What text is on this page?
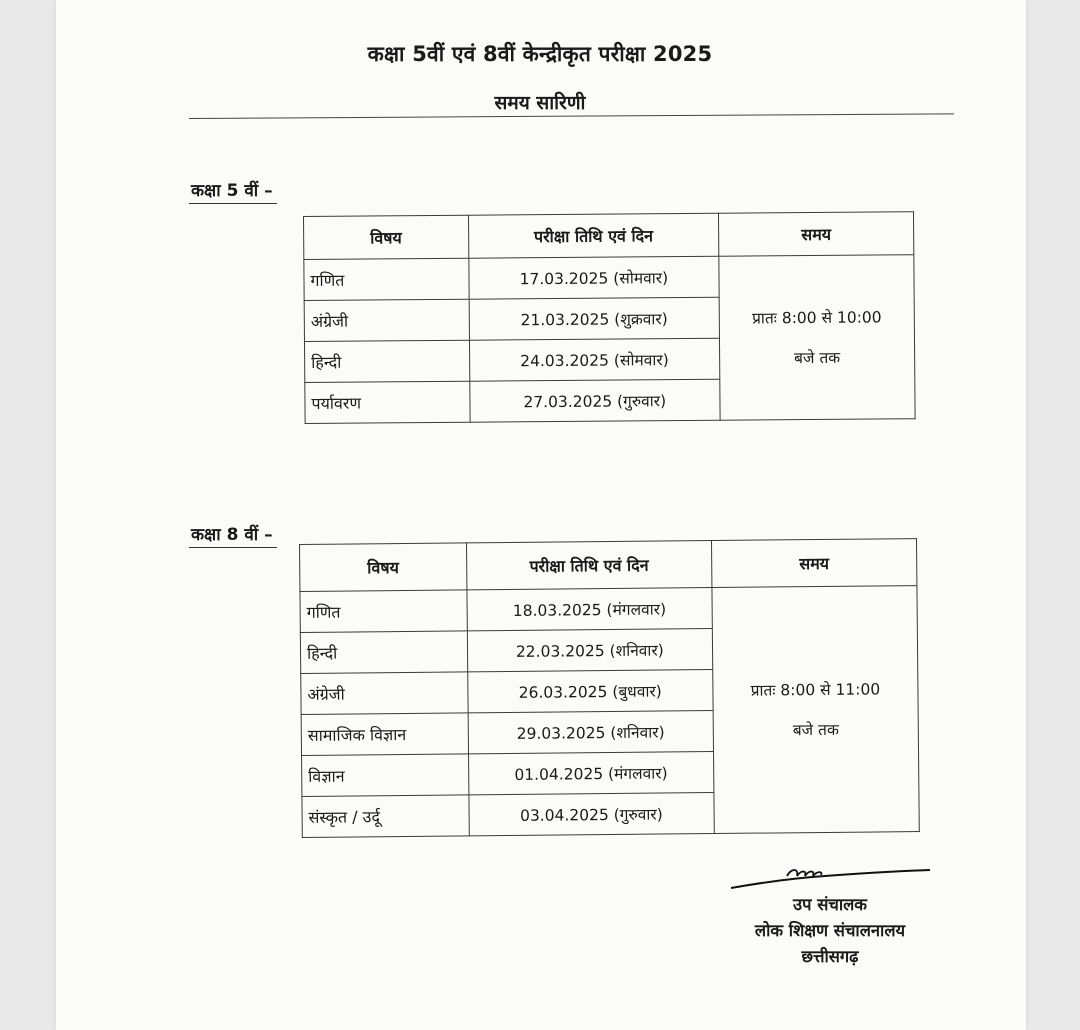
कक्षा 5वीं एवं 8वीं केन्द्रीकृत परीक्षा 2025
समय सारिणी
कक्षा 5 वीं –
विषय	परीक्षा तिथि एवं दिन	समय
गणित	17.03.2025 (सोमवार)	प्रातः 8:00 से 10:00
बजे तक

अंग्रेजी	21.03.2025 (शुक्रवार)	
हिन्दी	24.03.2025 (सोमवार)	
पर्यावरण	27.03.2025 (गुरुवार)	
कक्षा 8 वीं –
विषय	परीक्षा तिथि एवं दिन	समय
गणित	18.03.2025 (मंगलवार)	प्रातः 8:00 से 11:00
बजे तक

हिन्दी	22.03.2025 (शनिवार)	
अंग्रेजी	26.03.2025 (बुधवार)	
सामाजिक विज्ञान	29.03.2025 (शनिवार)	
विज्ञान	01.04.2025 (मंगलवार)	
संस्कृत / उर्दू	03.04.2025 (गुरुवार)	
उप संचालक
लोक शिक्षण संचालनालय
छत्तीसगढ़
